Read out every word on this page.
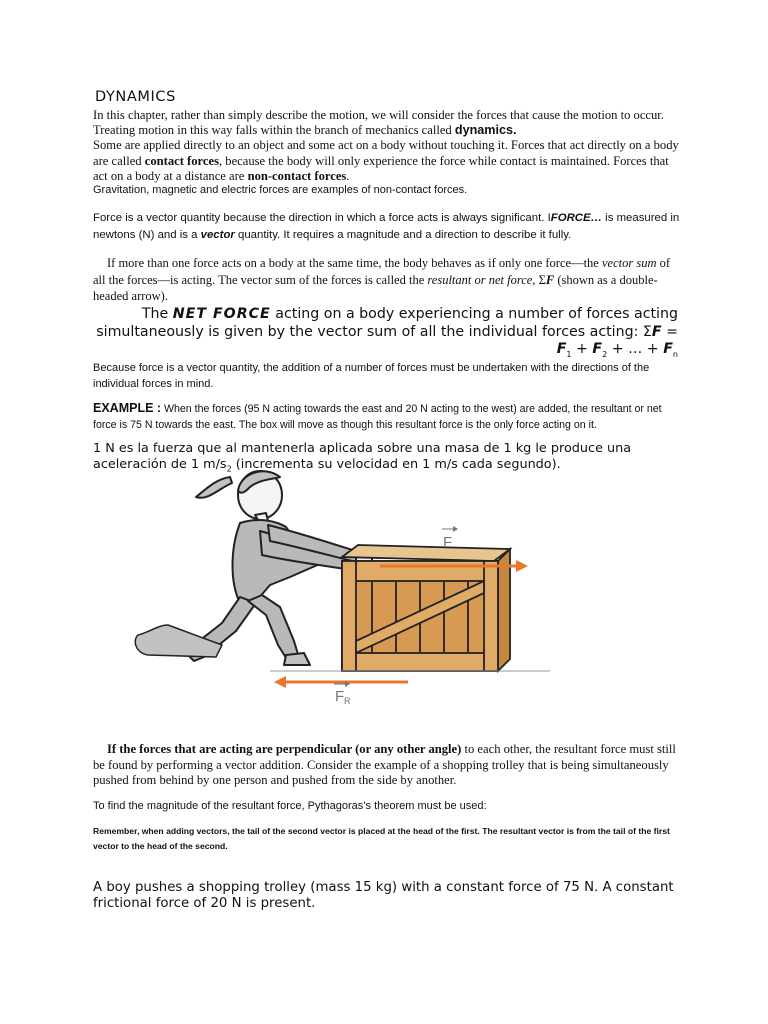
DYNAMICS

In this chapter, rather than simply describe the motion, we will consider the forces that cause the motion to occur. Treating motion in this way falls within the branch of mechanics called dynamics.

Some are applied directly to an object and some act on a body without touching it. Forces that act directly on a body are called contact forces, because the body will only experience the force while contact is maintained. Forces that act on a body at a distance are non-contact forces.

Gravitation, magnetic and electric forces are examples of non-contact forces.
Force is a vector quantity because the direction in which a force acts is always significant. IFORCE… is measured in newtons (N) and is a vector quantity. It requires a magnitude and a direction to describe it fully.
If more than one force acts on a body at the same time, the body behaves as if only one force—the vector sum of all the forces—is acting. The vector sum of the forces is called the resultant or net force, ΣF (shown as a double-headed arrow).
The NET FORCE acting on a body experiencing a number of forces acting simultaneously is given by the vector sum of all the individual forces acting: $\Sigma F = F_1 + F_2$ + … + $F_n$
Because force is a vector quantity, the addition of a number of forces must be undertaken with the directions of the individual forces in mind.
EXAMPLE : When the forces (95 N acting towards the east and 20 N acting to the west) are added, the resultant or net force is 75 N towards the east. The box will move as though this resultant force is the only force acting on it.
1 N es la fuerza que al mantenerla aplicada sobre una masa de 1 kg le produce una aceleración de 1 $m/s_2$ (incrementa su velocidad en 1 m/s cada segundo).
F
F R
If the forces that are acting are perpendicular (or any other angle) to each other, the resultant force must still be found by performing a vector addition. Consider the example of a shopping trolley that is being simultaneously pushed from behind by one person and pushed from the side by another.
To find the magnitude of the resultant force, Pythagoras’s theorem must be used:
Remember, when adding vectors, the tail of the second vector is placed at the head of the first. The resultant vector is from the tail of the first vector to the head of the second.
A boy pushes a shopping trolley (mass 15 kg) with a constant force of 75 N. A constant frictional force of 20 N is present.
